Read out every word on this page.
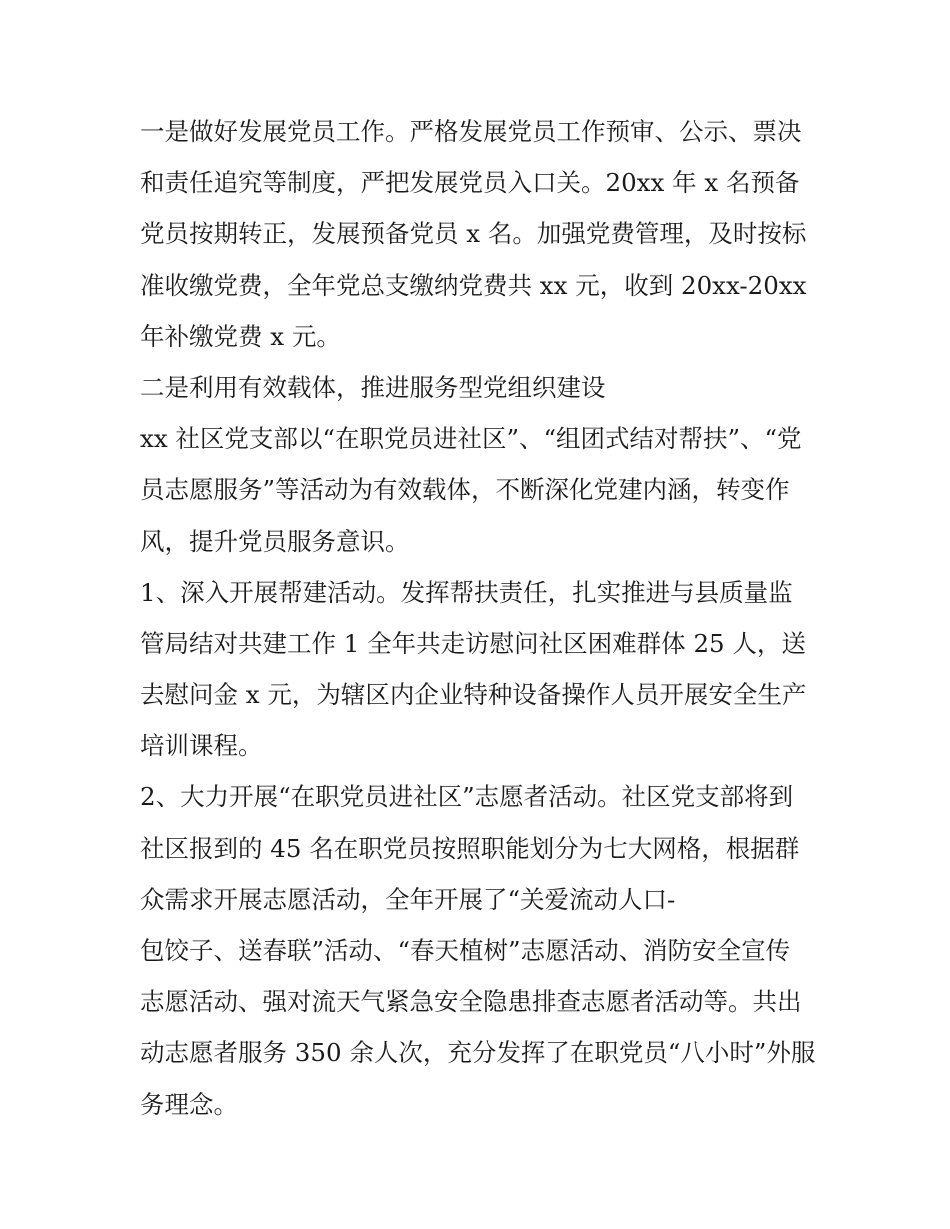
一是做好发展党员工作。严格发展党员工作预审、公示、票决
和责任追究等制度，严把发展党员入口关。20xx 年 x 名预备
党员按期转正，发展预备党员 x 名。加强党费管理，及时按标
准收缴党费，全年党总支缴纳党费共 xx 元，收到 20xx-20xx
年补缴党费 x 元。
二是利用有效载体，推进服务型党组织建设
xx 社区党支部以“在职党员进社区”、“组团式结对帮扶”、“党
员志愿服务”等活动为有效载体，不断深化党建内涵，转变作
风，提升党员服务意识。
1、深入开展帮建活动。发挥帮扶责任，扎实推进与县质量监
管局结对共建工作 1 全年共走访慰问社区困难群体 25 人，送
去慰问金 x 元，为辖区内企业特种设备操作人员开展安全生产
培训课程。
2、大力开展“在职党员进社区”志愿者活动。社区党支部将到
社区报到的 45 名在职党员按照职能划分为七大网格，根据群
众需求开展志愿活动，全年开展了“关爱流动人口-
包饺子、送春联”活动、“春天植树”志愿活动、消防安全宣传
志愿活动、强对流天气紧急安全隐患排查志愿者活动等。共出
动志愿者服务 350 余人次，充分发挥了在职党员“八小时”外服
务理念。
